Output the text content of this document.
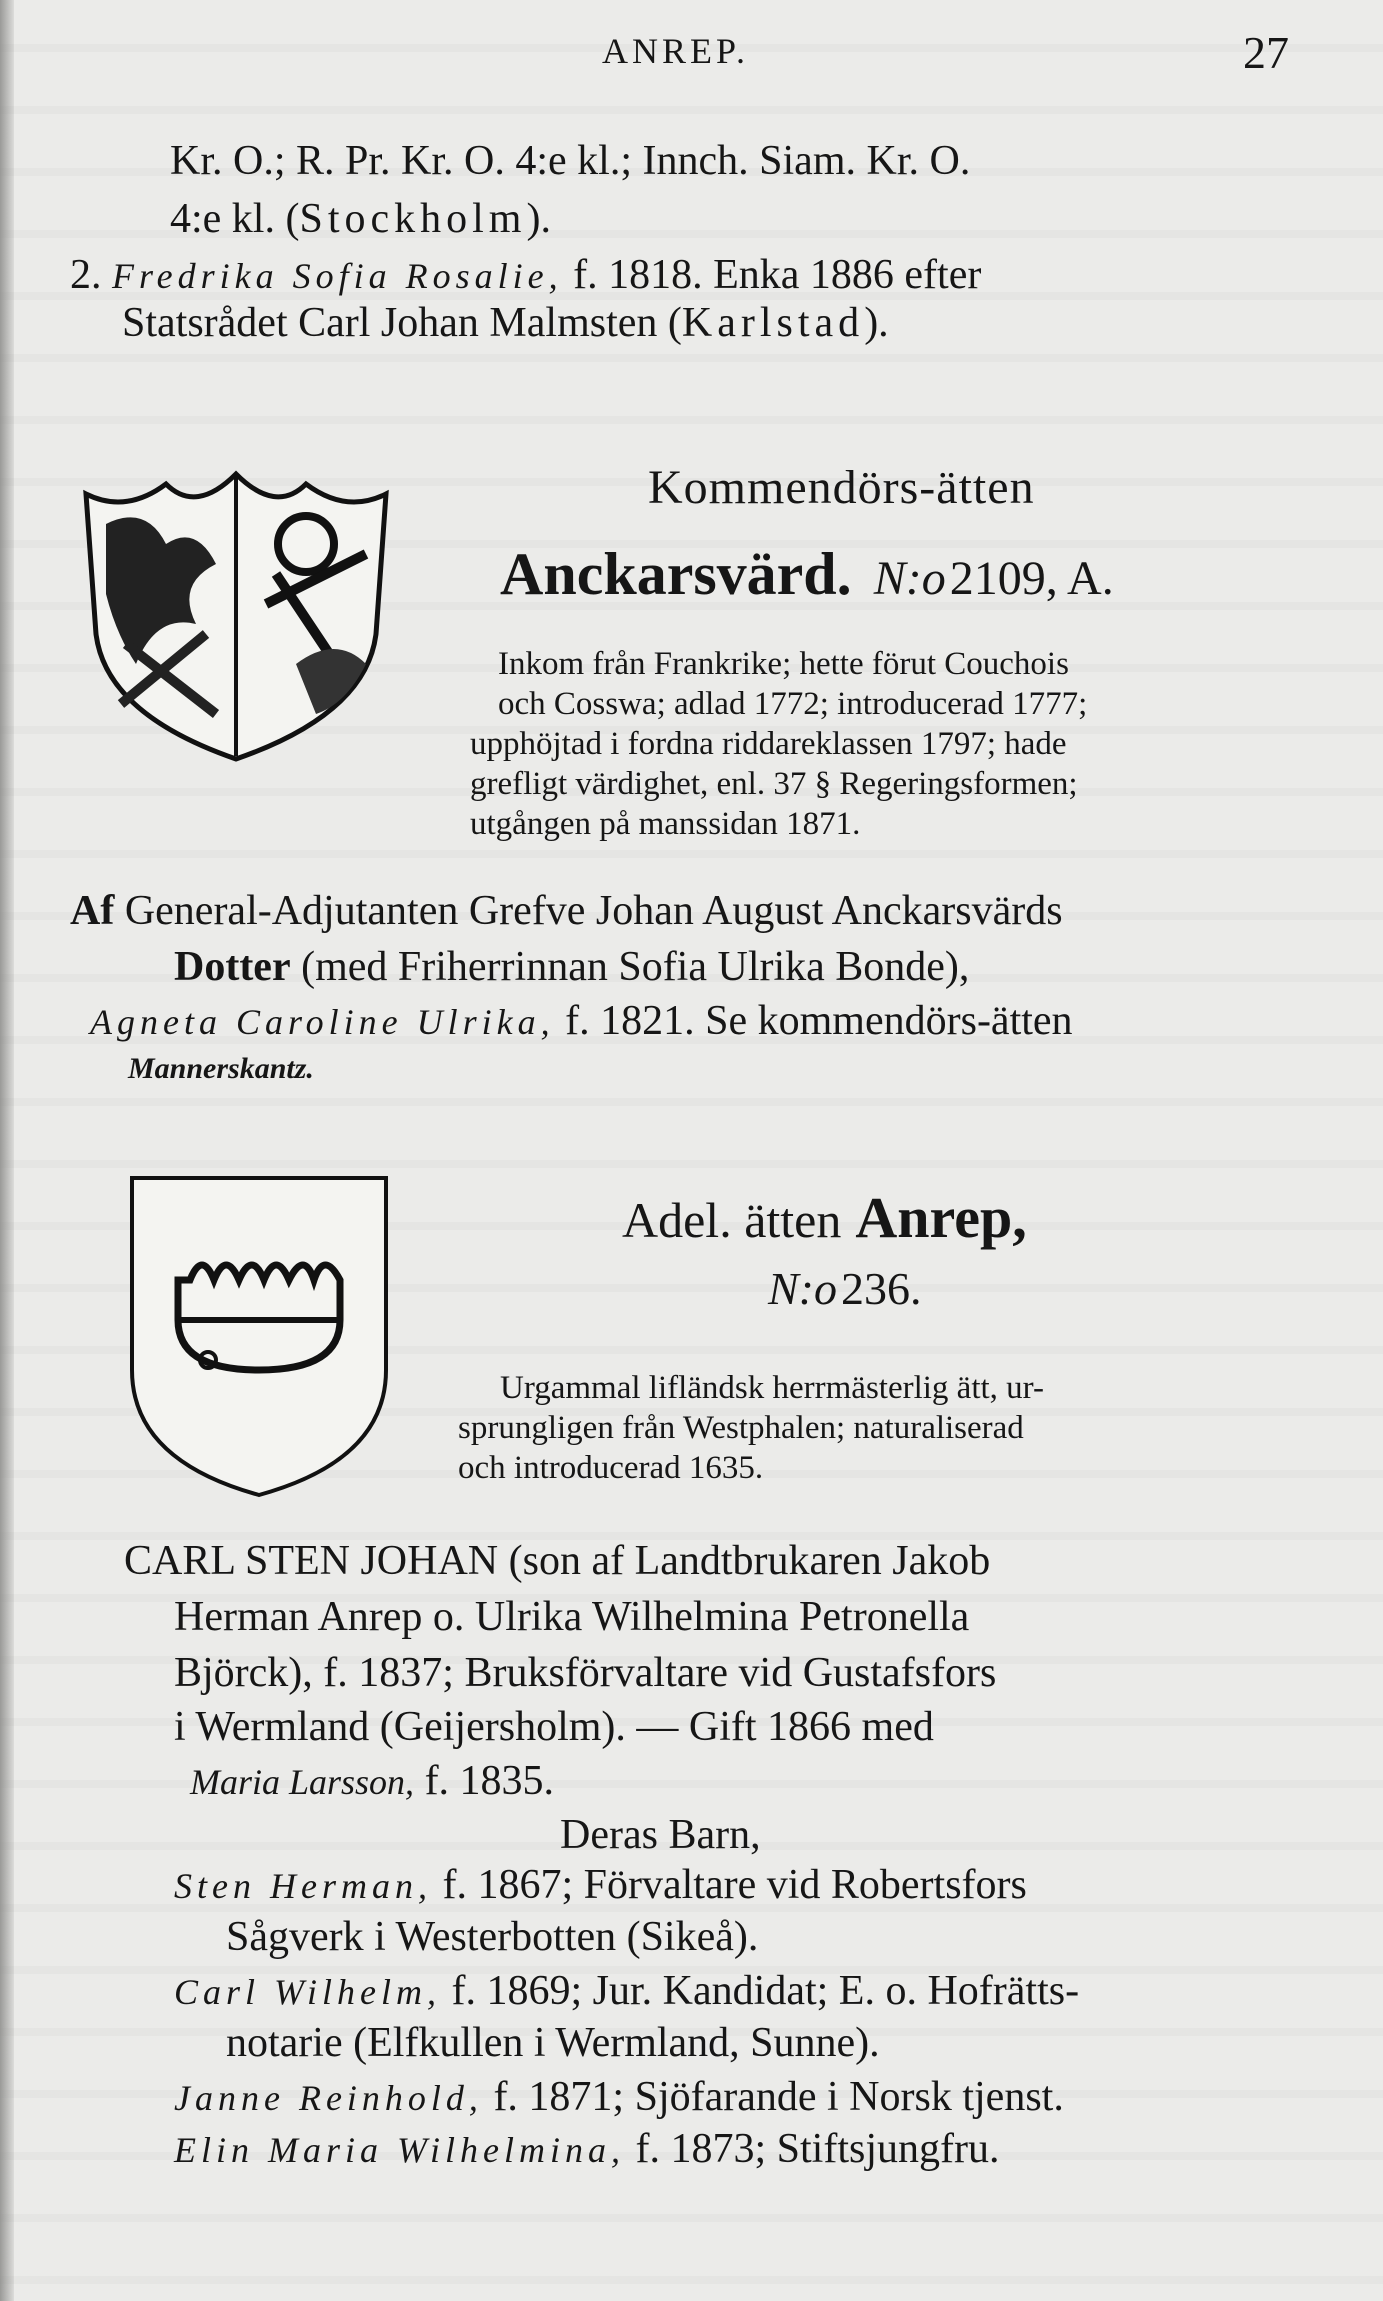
ANREP.	27
Kr. O.; R. Pr. Kr. O. 4:e kl.; Innch. Siam. Kr. O.
4:e kl. (Stockholm).
2. Fredrika Sofia Rosalie, f. 1818. Enka 1886 efter
Statsrådet Carl Johan Malmsten (Karlstad).
Kommendörs-ätten
Anckarsvärd. N:o 2109, A.
Inkom från Frankrike; hette förut Couchois
och Cosswa; adlad 1772; introducerad 1777;
upphöjtad i fordna riddareklassen 1797; hade
grefligt värdighet, enl. 37 § Regeringsformen;
utgången på manssidan 1871.
Af General-Adjutanten Grefve Johan August Anckarsvärds
Dotter (med Friherrinnan Sofia Ulrika Bonde),
Agneta Caroline Ulrika, f. 1821. Se kommendörs-ätten
Mannerskantz.
Adel. ätten Anrep,
N:o 236.
Urgammal lifländsk herrmästerlig ätt, ur-
sprungligen från Westphalen; naturaliserad
och introducerad 1635.
CARL STEN JOHAN (son af Landtbrukaren Jakob
Herman Anrep o. Ulrika Wilhelmina Petronella
Björck), f. 1837; Bruksförvaltare vid Gustafsfors
i Wermland (Geijersholm). — Gift 1866 med
Maria Larsson, f. 1835.
Deras Barn,
Sten Herman, f. 1867; Förvaltare vid Robertsfors
Sågverk i Westerbotten (Sikeå).
Carl Wilhelm, f. 1869; Jur. Kandidat; E. o. Hofrätts-
notarie (Elfkullen i Wermland, Sunne).
Janne Reinhold, f. 1871; Sjöfarande i Norsk tjenst.
Elin Maria Wilhelmina, f. 1873; Stiftsjungfru.
